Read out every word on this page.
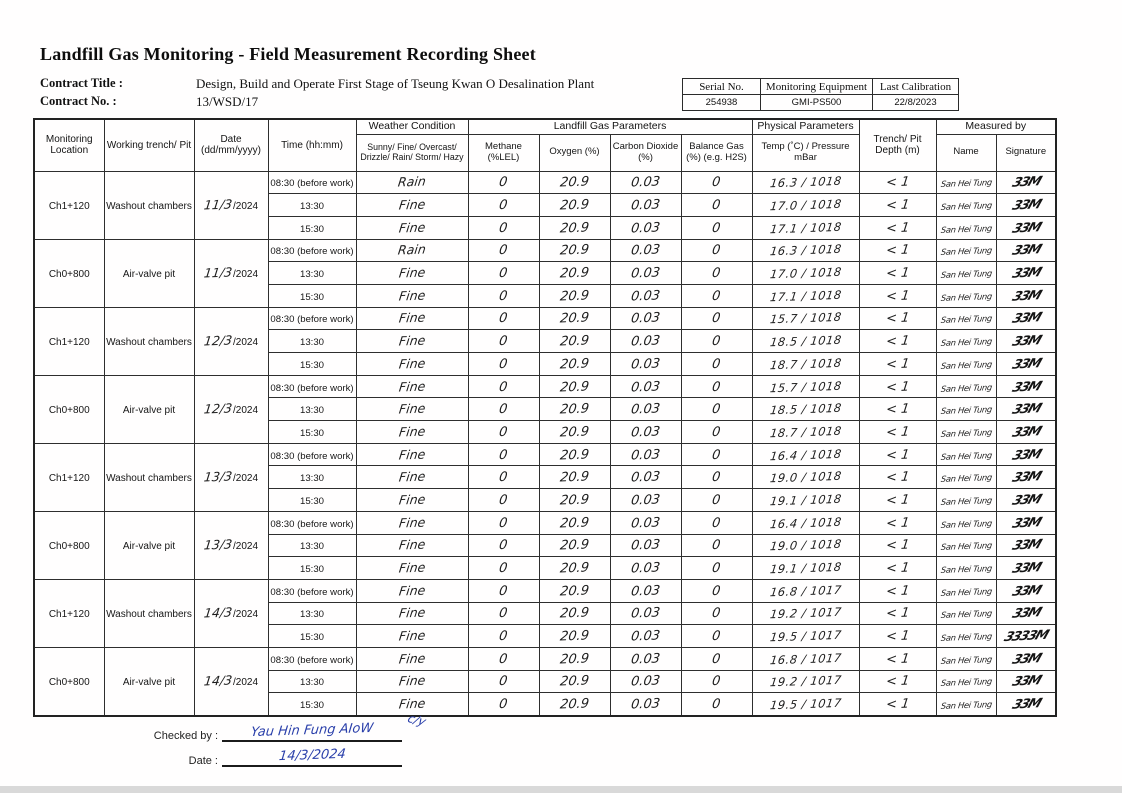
Landfill Gas Monitoring - Field Measurement Recording Sheet
Contract Title :	Design, Build and Operate First Stage of Tseung Kwan O Desalination Plant
Contract No. :	13/WSD/17
Serial No.	Monitoring Equipment	Last Calibration
254938	GMI-PS500	22/8/2023
Monitoring Location	Working trench/ Pit	Date (dd/mm/yyyy)	Time (hh:mm)	Weather Condition	Landfill Gas Parameters				Physical Parameters	Trench/ Pit Depth (m)	Measured by	
				Sunny/ Fine/ Overcast/ Drizzle/ Rain/ Storm/ Hazy	Methane (%LEL)	Oxygen (%)	Carbon Dioxide (%)	Balance Gas (%) (e.g. H2S)	Temp (˚C) / Pressure mBar		Name	Signature
Ch1+120	Washout chambers	11/3/2024	08:30 (before work)	Rain	0	20.9	0.03	0	16.3 / 1018	< 1	San Hei Tung	33M
			13:30	Fine	0	20.9	0.03	0	17.0 / 1018	< 1	San Hei Tung	33M
			15:30	Fine	0	20.9	0.03	0	17.1 / 1018	< 1	San Hei Tung	33M
Ch0+800	Air-valve pit	11/3/2024	08:30 (before work)	Rain	0	20.9	0.03	0	16.3 / 1018	< 1	San Hei Tung	33M
			13:30	Fine	0	20.9	0.03	0	17.0 / 1018	< 1	San Hei Tung	33M
			15:30	Fine	0	20.9	0.03	0	17.1 / 1018	< 1	San Hei Tung	33M
Ch1+120	Washout chambers	12/3/2024	08:30 (before work)	Fine	0	20.9	0.03	0	15.7 / 1018	< 1	San Hei Tung	33M
			13:30	Fine	0	20.9	0.03	0	18.5 / 1018	< 1	San Hei Tung	33M
			15:30	Fine	0	20.9	0.03	0	18.7 / 1018	< 1	San Hei Tung	33M
Ch0+800	Air-valve pit	12/3/2024	08:30 (before work)	Fine	0	20.9	0.03	0	15.7 / 1018	< 1	San Hei Tung	33M
			13:30	Fine	0	20.9	0.03	0	18.5 / 1018	< 1	San Hei Tung	33M
			15:30	Fine	0	20.9	0.03	0	18.7 / 1018	< 1	San Hei Tung	33M
Ch1+120	Washout chambers	13/3/2024	08:30 (before work)	Fine	0	20.9	0.03	0	16.4 / 1018	< 1	San Hei Tung	33M
			13:30	Fine	0	20.9	0.03	0	19.0 / 1018	< 1	San Hei Tung	33M
			15:30	Fine	0	20.9	0.03	0	19.1 / 1018	< 1	San Hei Tung	33M
Ch0+800	Air-valve pit	13/3/2024	08:30 (before work)	Fine	0	20.9	0.03	0	16.4 / 1018	< 1	San Hei Tung	33M
			13:30	Fine	0	20.9	0.03	0	19.0 / 1018	< 1	San Hei Tung	33M
			15:30	Fine	0	20.9	0.03	0	19.1 / 1018	< 1	San Hei Tung	33M
Ch1+120	Washout chambers	14/3/2024	08:30 (before work)	Fine	0	20.9	0.03	0	16.8 / 1017	< 1	San Hei Tung	33M
			13:30	Fine	0	20.9	0.03	0	19.2 / 1017	< 1	San Hei Tung	33M
			15:30	Fine	0	20.9	0.03	0	19.5 / 1017	< 1	San Hei Tung	3333M
Ch0+800	Air-valve pit	14/3/2024	08:30 (before work)	Fine	0	20.9	0.03	0	16.8 / 1017	< 1	San Hei Tung	33M
			13:30	Fine	0	20.9	0.03	0	19.2 / 1017	< 1	San Hei Tung	33M
			15:30	Fine	0	20.9	0.03	0	19.5 / 1017	< 1	San Hei Tung	33M
Checked by :	Yau Hin Fung AIoW
c/y
Date :	14/3/2024
